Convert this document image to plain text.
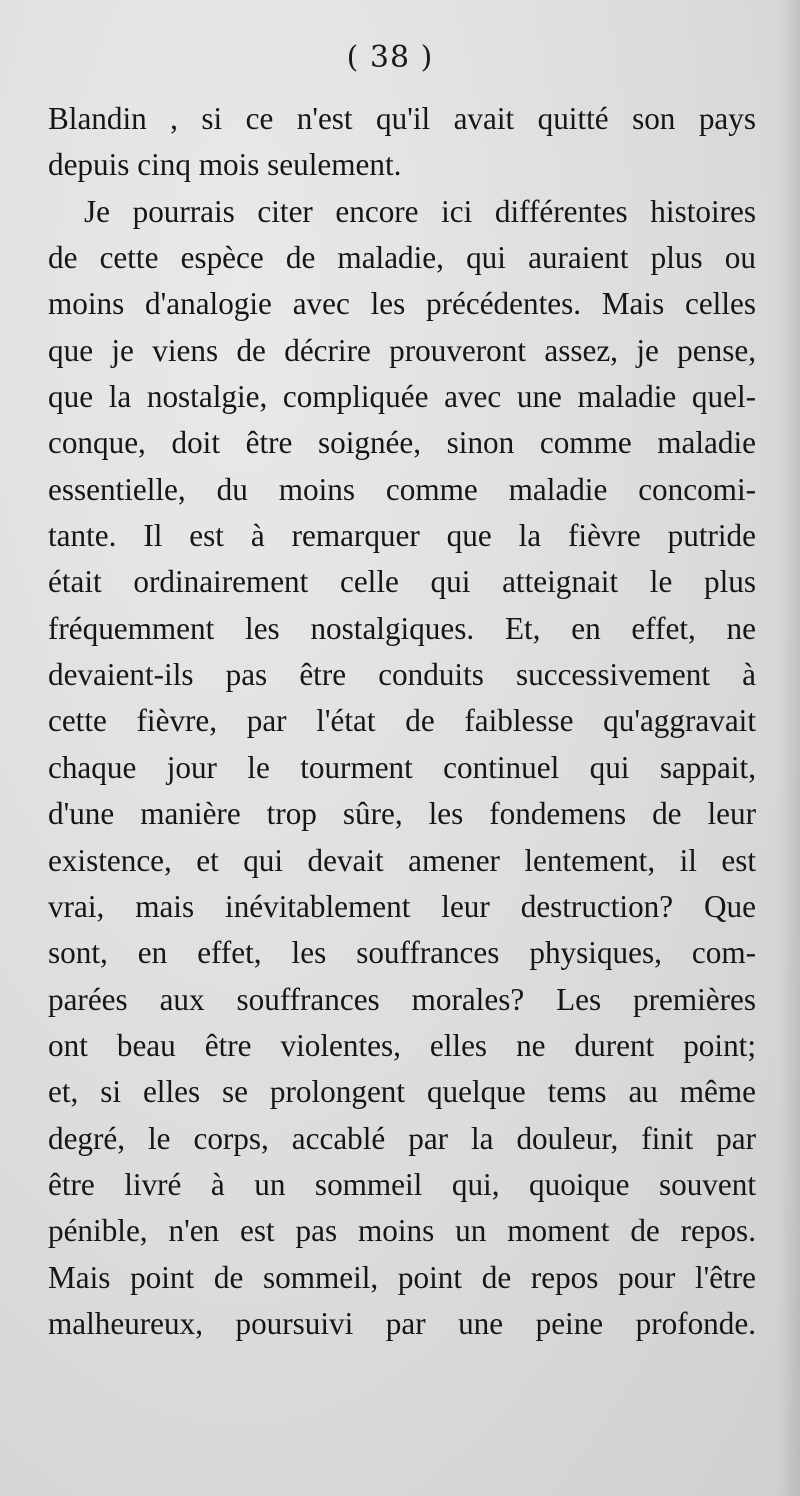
( 38 )
Blandin , si ce n'est qu'il avait quitté son pays
depuis cinq mois seulement.
Je pourrais citer encore ici différentes histoires
de cette espèce de maladie, qui auraient plus ou
moins d'analogie avec les précédentes. Mais celles
que je viens de décrire prouveront assez, je pense,
que la nostalgie, compliquée avec une maladie quel-
conque, doit être soignée, sinon comme maladie
essentielle, du moins comme maladie concomi-
tante. Il est à remarquer que la fièvre putride
était ordinairement celle qui atteignait le plus
fréquemment les nostalgiques. Et, en effet, ne
devaient-ils pas être conduits successivement à
cette fièvre, par l'état de faiblesse qu'aggravait
chaque jour le tourment continuel qui sappait,
d'une manière trop sûre, les fondemens de leur
existence, et qui devait amener lentement, il est
vrai, mais inévitablement leur destruction? Que
sont, en effet, les souffrances physiques, com-
parées aux souffrances morales? Les premières
ont beau être violentes, elles ne durent point;
et, si elles se prolongent quelque tems au même
degré, le corps, accablé par la douleur, finit par
être livré à un sommeil qui, quoique souvent
pénible, n'en est pas moins un moment de repos.
Mais point de sommeil, point de repos pour l'être
malheureux, poursuivi par une peine profonde.
